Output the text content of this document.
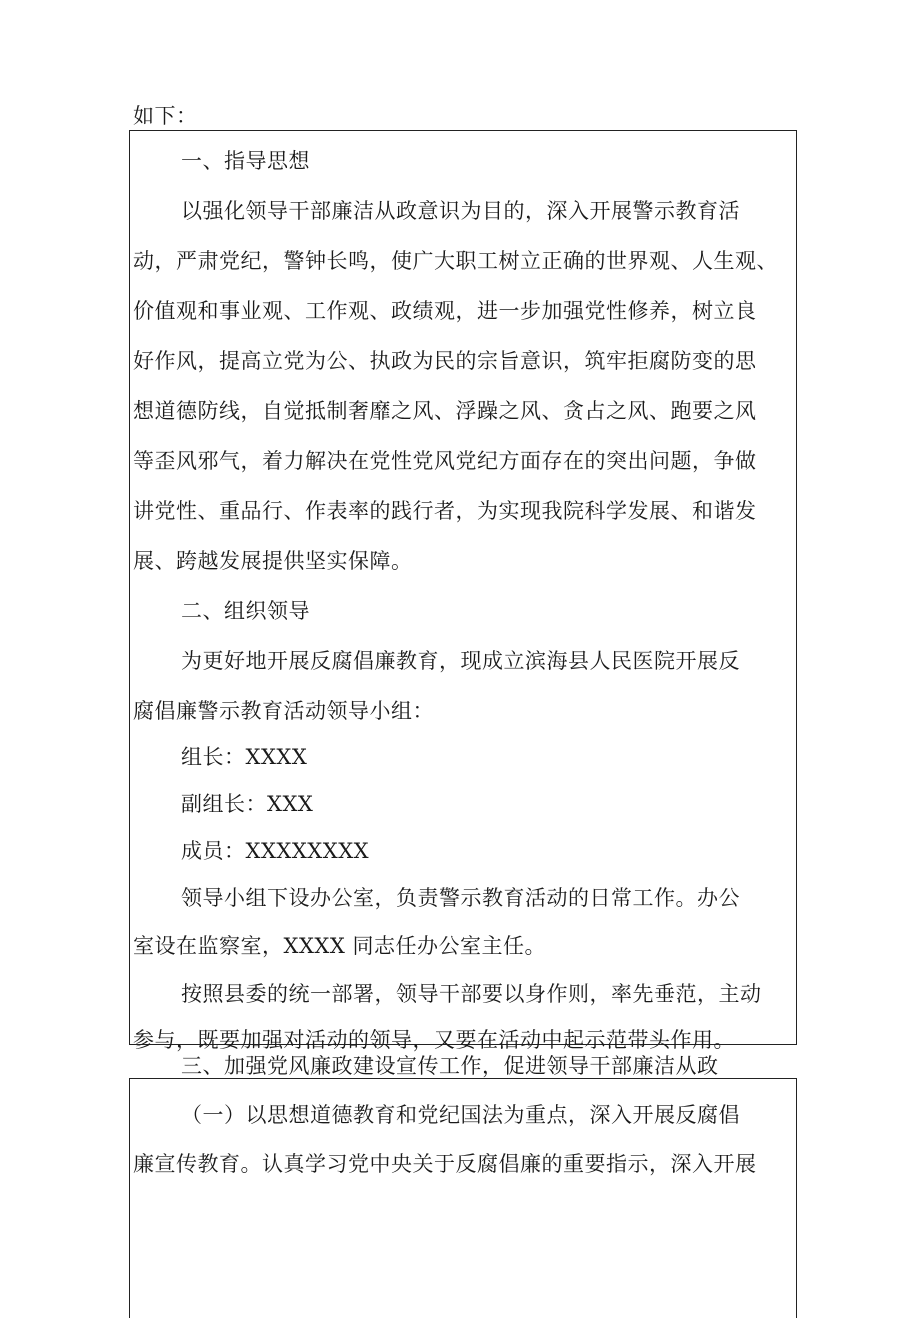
如下：
一、指导思想
以强化领导干部廉洁从政意识为目的，深入开展警示教育活
动，严肃党纪，警钟长鸣，使广大职工树立正确的世界观、人生观、
价值观和事业观、工作观、政绩观，进一步加强党性修养，树立良
好作风，提高立党为公、执政为民的宗旨意识，筑牢拒腐防变的思
想道德防线，自觉抵制奢靡之风、浮躁之风、贪占之风、跑要之风
等歪风邪气，着力解决在党性党风党纪方面存在的突出问题，争做
讲党性、重品行、作表率的践行者，为实现我院科学发展、和谐发
展、跨越发展提供坚实保障。
二、组织领导
为更好地开展反腐倡廉教育，现成立滨海县人民医院开展反
腐倡廉警示教育活动领导小组：
组长：XXXX
副组长：XXX
成员：XXXXXXXX
领导小组下设办公室，负责警示教育活动的日常工作。办公
室设在监察室，XXXX 同志任办公室主任。
按照县委的统一部署，领导干部要以身作则，率先垂范，主动
参与，既要加强对活动的领导，又要在活动中起示范带头作用。
三、加强党风廉政建设宣传工作，促进领导干部廉洁从政
（一）以思想道德教育和党纪国法为重点，深入开展反腐倡
廉宣传教育。认真学习党中央关于反腐倡廉的重要指示，深入开展
